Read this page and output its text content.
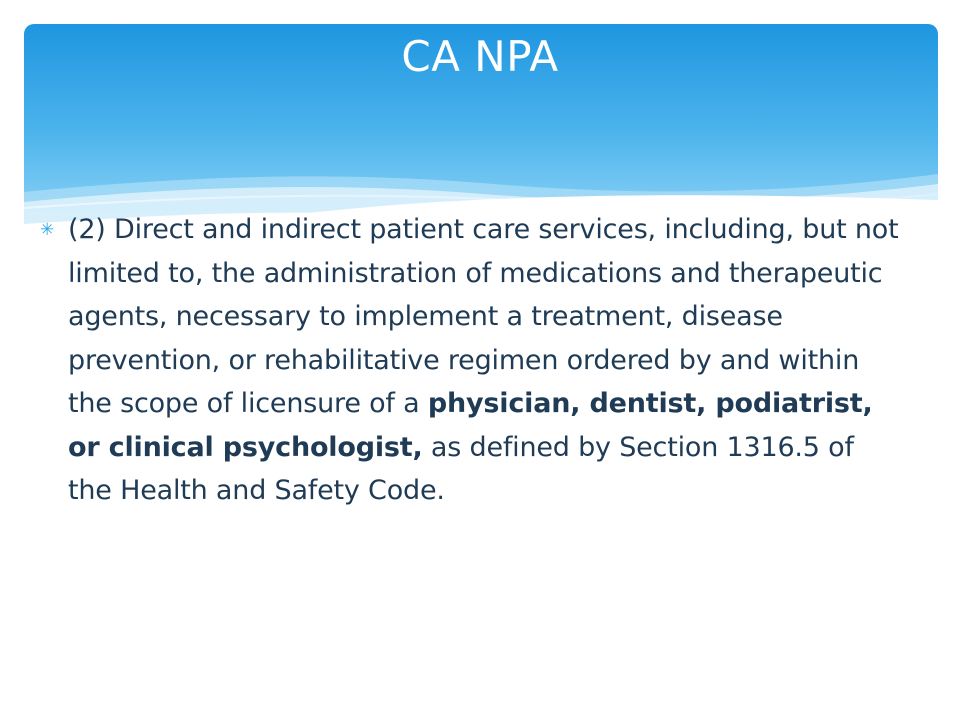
CA NPA
✳ (2) Direct and indirect patient care services, including, but not limited to, the administration of medications and therapeutic agents, necessary to implement a treatment, disease prevention, or rehabilitative regimen ordered by and within the scope of licensure of a physician, dentist, podiatrist, or clinical psychologist, as defined by Section 1316.5 of the Health and Safety Code.
